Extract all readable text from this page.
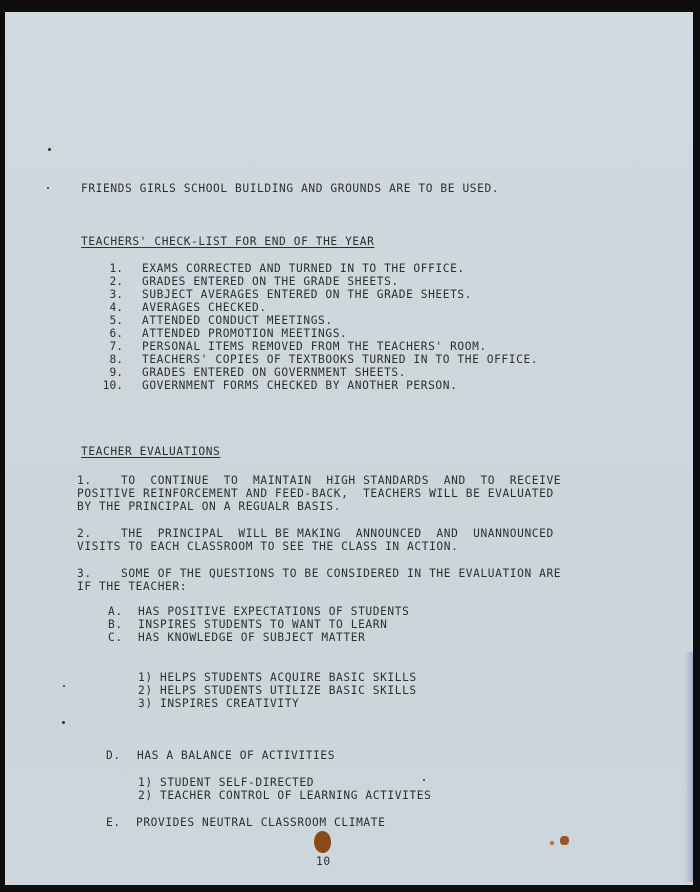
FRIENDS GIRLS SCHOOL BUILDING AND GROUNDS ARE TO BE USED.
TEACHERS' CHECK-LIST FOR END OF THE YEAR
1. EXAMS CORRECTED AND TURNED IN TO THE OFFICE.
2. GRADES ENTERED ON THE GRADE SHEETS.
3. SUBJECT AVERAGES ENTERED ON THE GRADE SHEETS.
4. AVERAGES CHECKED.
5. ATTENDED CONDUCT MEETINGS.
6. ATTENDED PROMOTION MEETINGS.
7. PERSONAL ITEMS REMOVED FROM THE TEACHERS' ROOM.
8. TEACHERS' COPIES OF TEXTBOOKS TURNED IN TO THE OFFICE.
9. GRADES ENTERED ON GOVERNMENT SHEETS.
10. GOVERNMENT FORMS CHECKED BY ANOTHER PERSON.
TEACHER EVALUATIONS
1.    TO  CONTINUE  TO  MAINTAIN  HIGH STANDARDS  AND  TO  RECEIVE
POSITIVE REINFORCEMENT AND FEED-BACK,  TEACHERS WILL BE EVALUATED
BY THE PRINCIPAL ON A REGUALR BASIS.
2.    THE  PRINCIPAL  WILL BE MAKING  ANNOUNCED  AND  UNANNOUNCED
VISITS TO EACH CLASSROOM TO SEE THE CLASS IN ACTION.
3.    SOME OF THE QUESTIONS TO BE CONSIDERED IN THE EVALUATION ARE
IF THE TEACHER:
A. HAS POSITIVE EXPECTATIONS OF STUDENTS
B. INSPIRES STUDENTS TO WANT TO LEARN
C. HAS KNOWLEDGE OF SUBJECT MATTER
1) HELPS STUDENTS ACQUIRE BASIC SKILLS
2) HELPS STUDENTS UTILIZE BASIC SKILLS
3) INSPIRES CREATIVITY
D. HAS A BALANCE OF ACTIVITIES
1) STUDENT SELF-DIRECTED
2) TEACHER CONTROL OF LEARNING ACTIVITES
E. PROVIDES NEUTRAL CLASSROOM CLIMATE
10
